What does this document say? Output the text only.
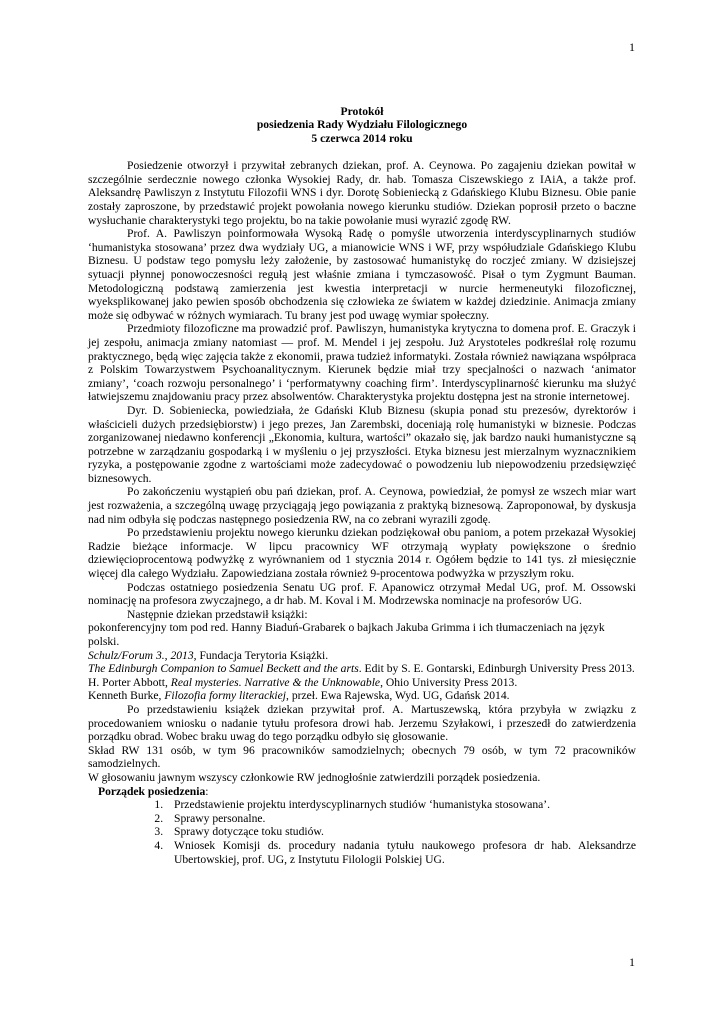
1
Protokół
posiedzenia Rady Wydziału Filologicznego
5 czerwca 2014 roku

Posiedzenie otworzył i przywitał zebranych dziekan, prof. A. Ceynowa. Po zagajeniu dziekan powitał w szczególnie serdecznie nowego członka Wysokiej Rady, dr. hab. Tomasza Ciszewskiego z IAiA, a także prof. Aleksandrę Pawliszyn z Instytutu Filozofii WNS i dyr. Dorotę Sobieniecką z Gdańskiego Klubu Biznesu. Obie panie zostały zaproszone, by przedstawić projekt powołania nowego kierunku studiów. Dziekan poprosił przeto o baczne wysłuchanie charakterystyki tego projektu, bo na takie powołanie musi wyrazić zgodę RW.

Prof. A. Pawliszyn poinformowała Wysoką Radę o pomyśle utworzenia interdyscyplinarnych studiów ‘humanistyka stosowana’ przez dwa wydziały UG, a mianowicie WNS i WF, przy współudziale Gdańskiego Klubu Biznesu. U podstaw tego pomysłu leży założenie, by zastosować humanistykę do roczjeć zmiany. W dzisiejszej sytuacji płynnej ponowoczesności regułą jest właśnie zmiana i tymczasowość. Pisał o tym Zygmunt Bauman. Metodologiczną podstawą zamierzenia jest kwestia interpretacji w nurcie hermeneutyki filozoficznej, wyeksplikowanej jako pewien sposób obchodzenia się człowieka ze światem w każdej dziedzinie. Animacja zmiany może się odbywać w różnych wymiarach. Tu brany jest pod uwagę wymiar społeczny.

Przedmioty filozoficzne ma prowadzić prof. Pawliszyn, humanistyka krytyczna to domena prof. E. Graczyk i jej zespołu, animacja zmiany natomiast — prof. M. Mendel i jej zespołu. Już Arystoteles podkreślał rolę rozumu praktycznego, będą więc zajęcia także z ekonomii, prawa tudzież informatyki. Została również nawiązana współpraca z Polskim Towarzystwem Psychoanalitycznym. Kierunek będzie miał trzy specjalności o nazwach ‘animator zmiany’, ‘coach rozwoju personalnego’ i ‘performatywny coaching firm’. Interdyscyplinarność kierunku ma służyć łatwiejszemu znajdowaniu pracy przez absolwentów. Charakterystyka projektu dostępna jest na stronie internetowej.

Dyr. D. Sobieniecka, powiedziała, że Gdański Klub Biznesu (skupia ponad stu prezesów, dyrektorów i właścicieli dużych przedsiębiorstw) i jego prezes, Jan Zarembski, doceniają rolę humanistyki w biznesie. Podczas zorganizowanej niedawno konferencji „Ekonomia, kultura, wartości” okazało się, jak bardzo nauki humanistyczne są potrzebne w zarządzaniu gospodarką i w myśleniu o jej przyszłości. Etyka biznesu jest mierzalnym wyznacznikiem ryzyka, a postępowanie zgodne z wartościami może zadecydować o powodzeniu lub niepowodzeniu przedsięwzięć biznesowych.

Po zakończeniu wystąpień obu pań dziekan, prof. A. Ceynowa, powiedział, że pomysł ze wszech miar wart jest rozważenia, a szczególną uwagę przyciągają jego powiązania z praktyką biznesową. Zaproponował, by dyskusja nad nim odbyła się podczas następnego posiedzenia RW, na co zebrani wyrazili zgodę.

Po przedstawieniu projektu nowego kierunku dziekan podziękował obu paniom, a potem przekazał Wysokiej Radzie bieżące informacje. W lipcu pracownicy WF otrzymają wypłaty powiększone o średnio dziewięcioprocentową podwyżkę z wyrównaniem od 1 stycznia 2014 r. Ogółem będzie to 141 tys. zł miesięcznie więcej dla całego Wydziału. Zapowiedziana została również 9-procentowa podwyżka w przyszłym roku.

Podczas ostatniego posiedzenia Senatu UG prof. F. Apanowicz otrzymał Medal UG, prof. M. Ossowski nominację na profesora zwyczajnego, a dr hab. M. Koval i M. Modrzewska nominacje na profesorów UG.

Następnie dziekan przedstawił książki:

pokonferencyjny tom pod red. Hanny Biaduń-Grabarek o bajkach Jakuba Grimma i ich tłumaczeniach na język polski.
Schulz/Forum 3., 2013, Fundacja Terytoria Książki.
The Edinburgh Companion to Samuel Beckett and the arts. Edit by S. E. Gontarski, Edinburgh University Press 2013.
H. Porter Abbott, Real mysteries. Narrative & the Unknowable, Ohio University Press 2013.
Kenneth Burke, Filozofia formy literackiej, przeł. Ewa Rajewska, Wyd. UG, Gdańsk 2014.

Po przedstawieniu książek dziekan przywitał prof. A. Martuszewską, która przybyła w związku z procedowaniem wniosku o nadanie tytułu profesora drowi hab. Jerzemu Szyłakowi, i przeszedł do zatwierdzenia porządku obrad. Wobec braku uwag do tego porządku odbyło się głosowanie.

Skład RW 131 osób, w tym 96 pracowników samodzielnych; obecnych 79 osób, w tym 72 pracowników samodzielnych.

W głosowaniu jawnym wszyscy członkowie RW jednogłośnie zatwierdzili porządek posiedzenia.

Porządek posiedzenia:
1. Przedstawienie projektu interdyscyplinarnych studiów ‘humanistyka stosowana’.
2. Sprawy personalne.
3. Sprawy dotyczące toku studiów.
4. Wniosek Komisji ds. procedury nadania tytułu naukowego profesora dr hab. Aleksandrze Ubertowskiej, prof. UG, z Instytutu Filologii Polskiej UG.
1
